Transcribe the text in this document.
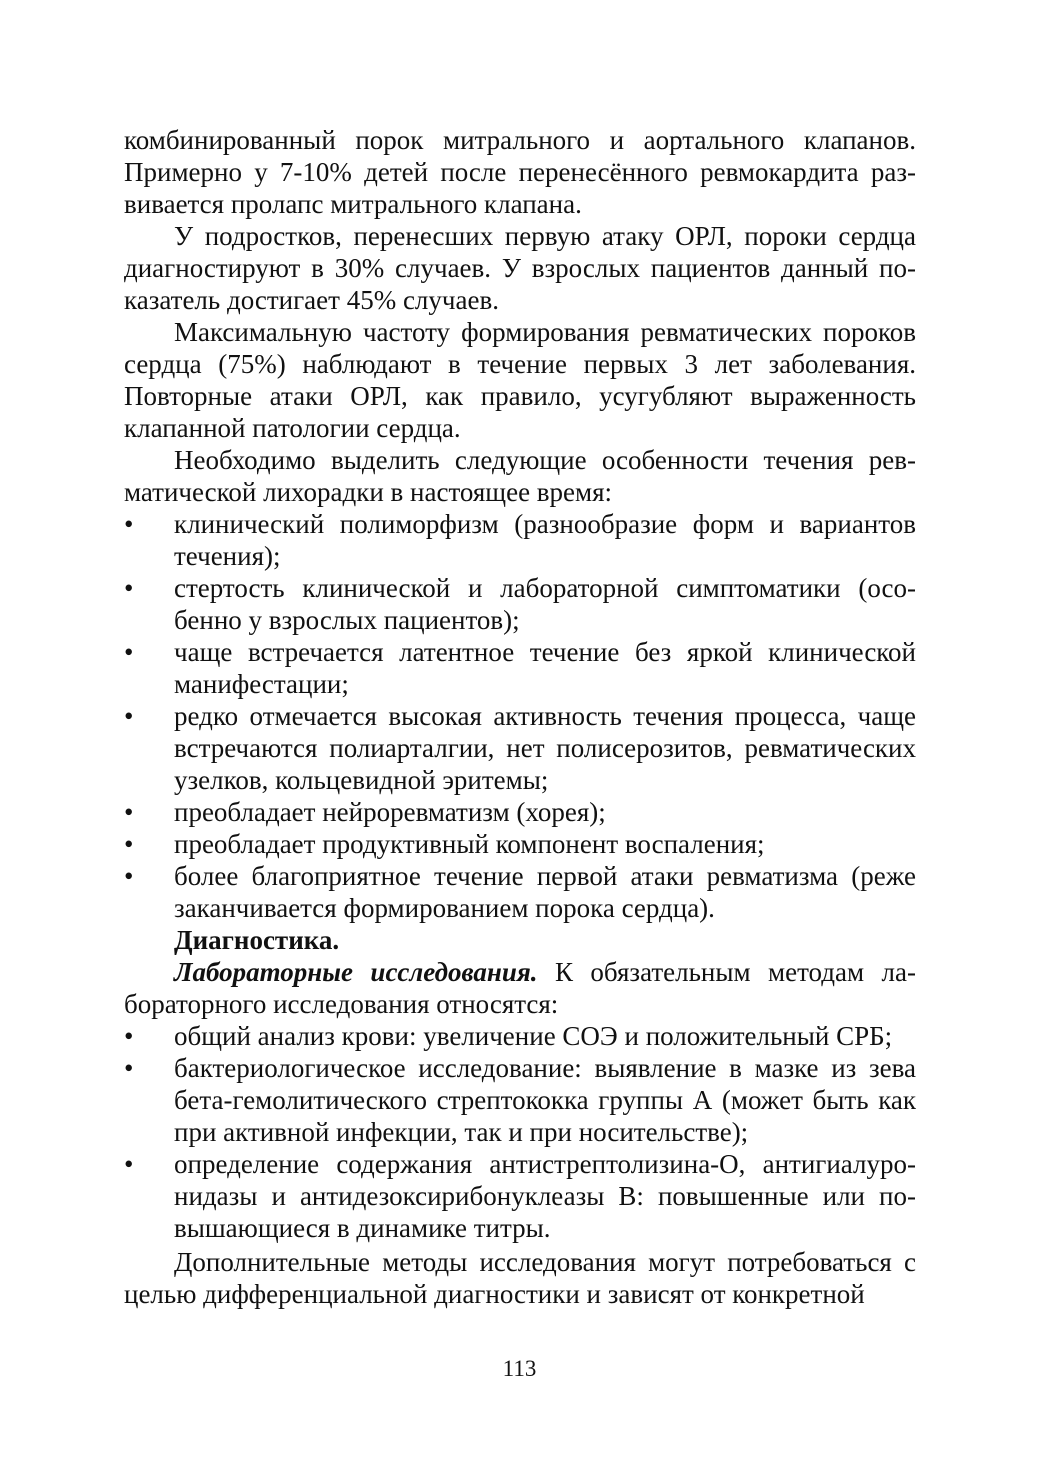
комбинированный порок митрального и аортального клапанов. Примерно у 7-10% детей после перенесённого ревмокардита развивается пролапс митрального клапана.

У подростков, перенесших первую атаку ОРЛ, пороки сердца диагностируют в 30% случаев. У взрослых пациентов данный показатель достигает 45% случаев.

Максимальную частоту формирования ревматических пороков сердца (75%) наблюдают в течение первых 3 лет заболевания. Повторные атаки ОРЛ, как правило, усугубляют выраженность клапанной патологии сердца.

Необходимо выделить следующие особенности течения ревматической лихорадки в настоящее время:

• клинический полиморфизм (разнообразие форм и вариантов течения);
• стертость клинической и лабораторной симптоматики (особенно у взрослых пациентов);
• чаще встречается латентное течение без яркой клинической манифестации;
• редко отмечается высокая активность течения процесса, чаще встречаются полиарталгии, нет полисерозитов, ревматических узелков, кольцевидной эритемы;
• преобладает нейроревматизм (хорея);
• преобладает продуктивный компонент воспаления;
• более благоприятное течение первой атаки ревматизма (реже заканчивается формированием порока сердца).

Диагностика.

Лабораторные исследования. К обязательным методам лабораторного исследования относятся:

• общий анализ крови: увеличение СОЭ и положительный СРБ;
• бактериологическое исследование: выявление в мазке из зева бета-гемолитического стрептококка группы А (может быть как при активной инфекции, так и при носительстве);
• определение содержания антистрептолизина-О, антигиалуронидазы и антидезоксирибонуклеазы В: повышенные или повышающиеся в динамике титры.

Дополнительные методы исследования могут потребоваться с целью дифференциальной диагностики и зависят от конкретной

113
